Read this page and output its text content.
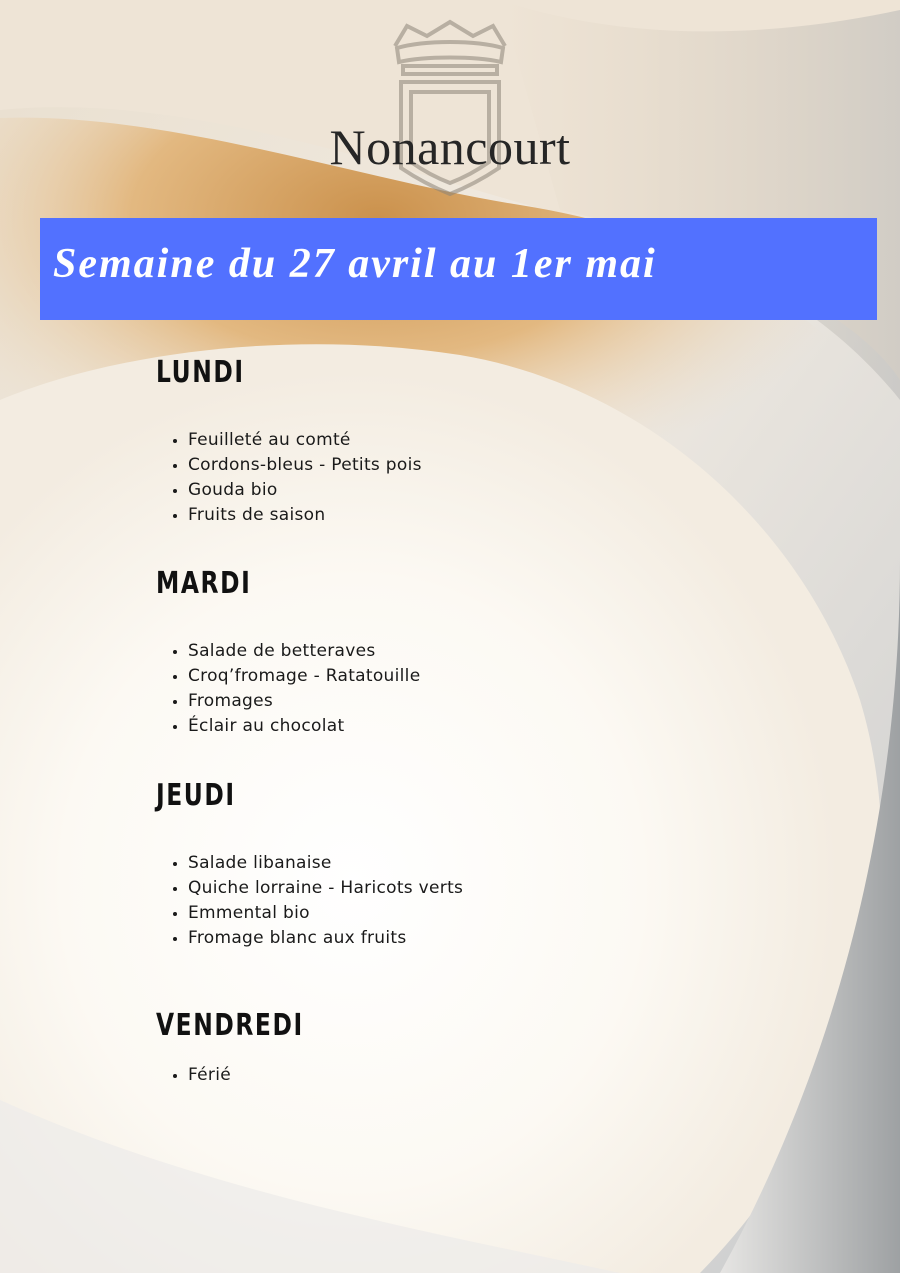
Nonancourt
Semaine du 27 avril au 1er mai
LUNDI
• Feuilleté au comté
• Cordons-bleus - Petits pois
• Gouda bio
• Fruits de saison
MARDI
• Salade de betteraves
• Croq’fromage - Ratatouille
• Fromages
• Éclair au chocolat
JEUDI
• Salade libanaise
• Quiche lorraine - Haricots verts
• Emmental bio
• Fromage blanc aux fruits
VENDREDI
• Férié
